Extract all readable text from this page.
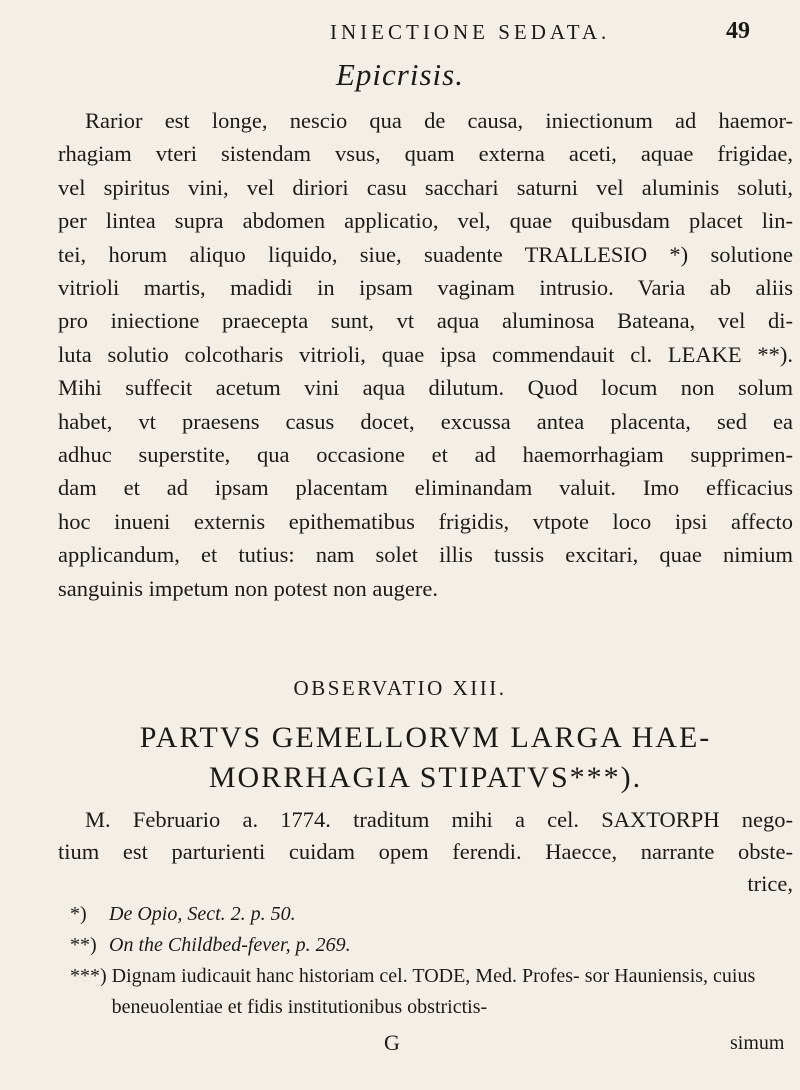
INIECTIONE SEDATA.	49
Epicrisis.
Rarior est longe, nescio qua de causa, iniectionum ad haemor-
rhagiam vteri sistendam vsus, quam externa aceti, aquae frigidae,
vel spiritus vini, vel diriori casu sacchari saturni vel aluminis soluti,
per lintea supra abdomen applicatio, vel, quae quibusdam placet lin-
tei, horum aliquo liquido, siue, suadente TRALLESIO *) solutione
vitrioli martis, madidi in ipsam vaginam intrusio. Varia ab aliis
pro iniectione praecepta sunt, vt aqua aluminosa Bateana, vel di-
luta solutio colcotharis vitrioli, quae ipsa commendauit cl. LEAKE **).
Mihi suffecit acetum vini aqua dilutum. Quod locum non solum
habet, vt praesens casus docet, excussa antea placenta, sed ea
adhuc superstite, qua occasione et ad haemorrhagiam supprimen-
dam et ad ipsam placentam eliminandam valuit. Imo efficacius
hoc inueni externis epithematibus frigidis, vtpote loco ipsi affecto
applicandum, et tutius: nam solet illis tussis excitari, quae nimium
sanguinis impetum non potest non augere.
OBSERVATIO XIII.
PARTVS GEMELLORVM LARGA HAE-
MORRHAGIA STIPATVS***).
M. Februario a. 1774. traditum mihi a cel. SAXTORPH nego-
tium est parturienti cuidam opem ferendi. Haecce, narrante obste-
trice,
*) De Opio, Sect. 2. p. 50.
**) On the Childbed-fever, p. 269.
***) Dignam iudicauit hanc historiam cel. TODE, Med. Profes- sor Hauniensis, cuius beneuolentiae et fidis institutionibus obstrictis-
G	simum
